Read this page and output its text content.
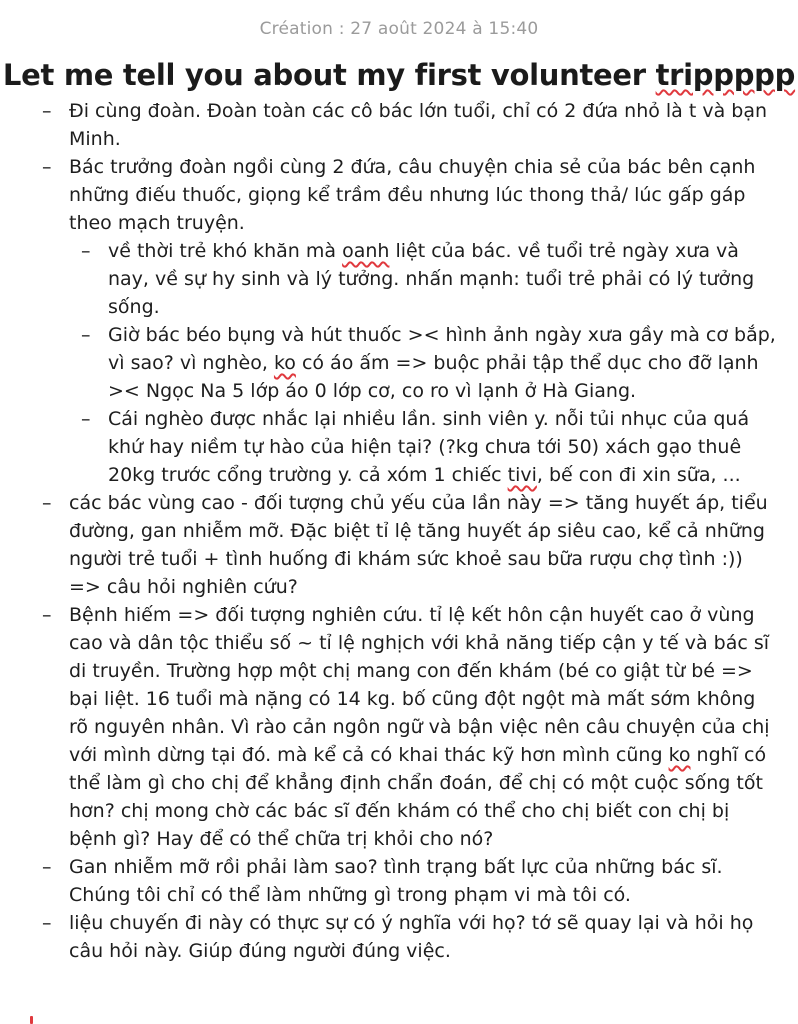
Création : 27 août 2024 à 15:40
Let me tell you about my first volunteer trippppp
– Đi cùng đoàn. Đoàn toàn các cô bác lớn tuổi, chỉ có 2 đứa nhỏ là t và bạn Minh.
– Bác trưởng đoàn ngồi cùng 2 đứa, câu chuyện chia sẻ của bác bên cạnh những điếu thuốc, giọng kể trầm đều nhưng lúc thong thả/ lúc gấp gáp theo mạch truyện.
– về thời trẻ khó khăn mà oanh liệt của bác. về tuổi trẻ ngày xưa và nay, về sự hy sinh và lý tưởng. nhấn mạnh: tuổi trẻ phải có lý tưởng sống.
– Giờ bác béo bụng và hút thuốc >< hình ảnh ngày xưa gầy mà cơ bắp, vì sao? vì nghèo, ko có áo ấm => buộc phải tập thể dục cho đỡ lạnh >< Ngọc Na 5 lớp áo 0 lớp cơ, co ro vì lạnh ở Hà Giang.
– Cái nghèo được nhắc lại nhiều lần. sinh viên y. nỗi tủi nhục của quá khứ hay niềm tự hào của hiện tại? (?kg chưa tới 50) xách gạo thuê 20kg trước cổng trường y. cả xóm 1 chiếc tivi, bế con đi xin sữa, ...
– các bác vùng cao - đối tượng chủ yếu của lần này => tăng huyết áp, tiểu đường, gan nhiễm mỡ. Đặc biệt tỉ lệ tăng huyết áp siêu cao, kể cả những người trẻ tuổi + tình huống đi khám sức khoẻ sau bữa rượu chợ tình :)) => câu hỏi nghiên cứu?
– Bệnh hiếm => đối tượng nghiên cứu. tỉ lệ kết hôn cận huyết cao ở vùng cao và dân tộc thiểu số ~ tỉ lệ nghịch với khả năng tiếp cận y tế và bác sĩ di truyền. Trường hợp một chị mang con đến khám (bé co giật từ bé => bại liệt. 16 tuổi mà nặng có 14 kg. bố cũng đột ngột mà mất sớm không rõ nguyên nhân. Vì rào cản ngôn ngữ và bận việc nên câu chuyện của chị với mình dừng tại đó. mà kể cả có khai thác kỹ hơn mình cũng ko nghĩ có thể làm gì cho chị để khẳng định chẩn đoán, để chị có một cuộc sống tốt hơn? chị mong chờ các bác sĩ đến khám có thể cho chị biết con chị bị bệnh gì? Hay để có thể chữa trị khỏi cho nó?
– Gan nhiễm mỡ rồi phải làm sao? tình trạng bất lực của những bác sĩ. Chúng tôi chỉ có thể làm những gì trong phạm vi mà tôi có.
– liệu chuyến đi này có thực sự có ý nghĩa với họ? tớ sẽ quay lại và hỏi họ câu hỏi này. Giúp đúng người đúng việc.
